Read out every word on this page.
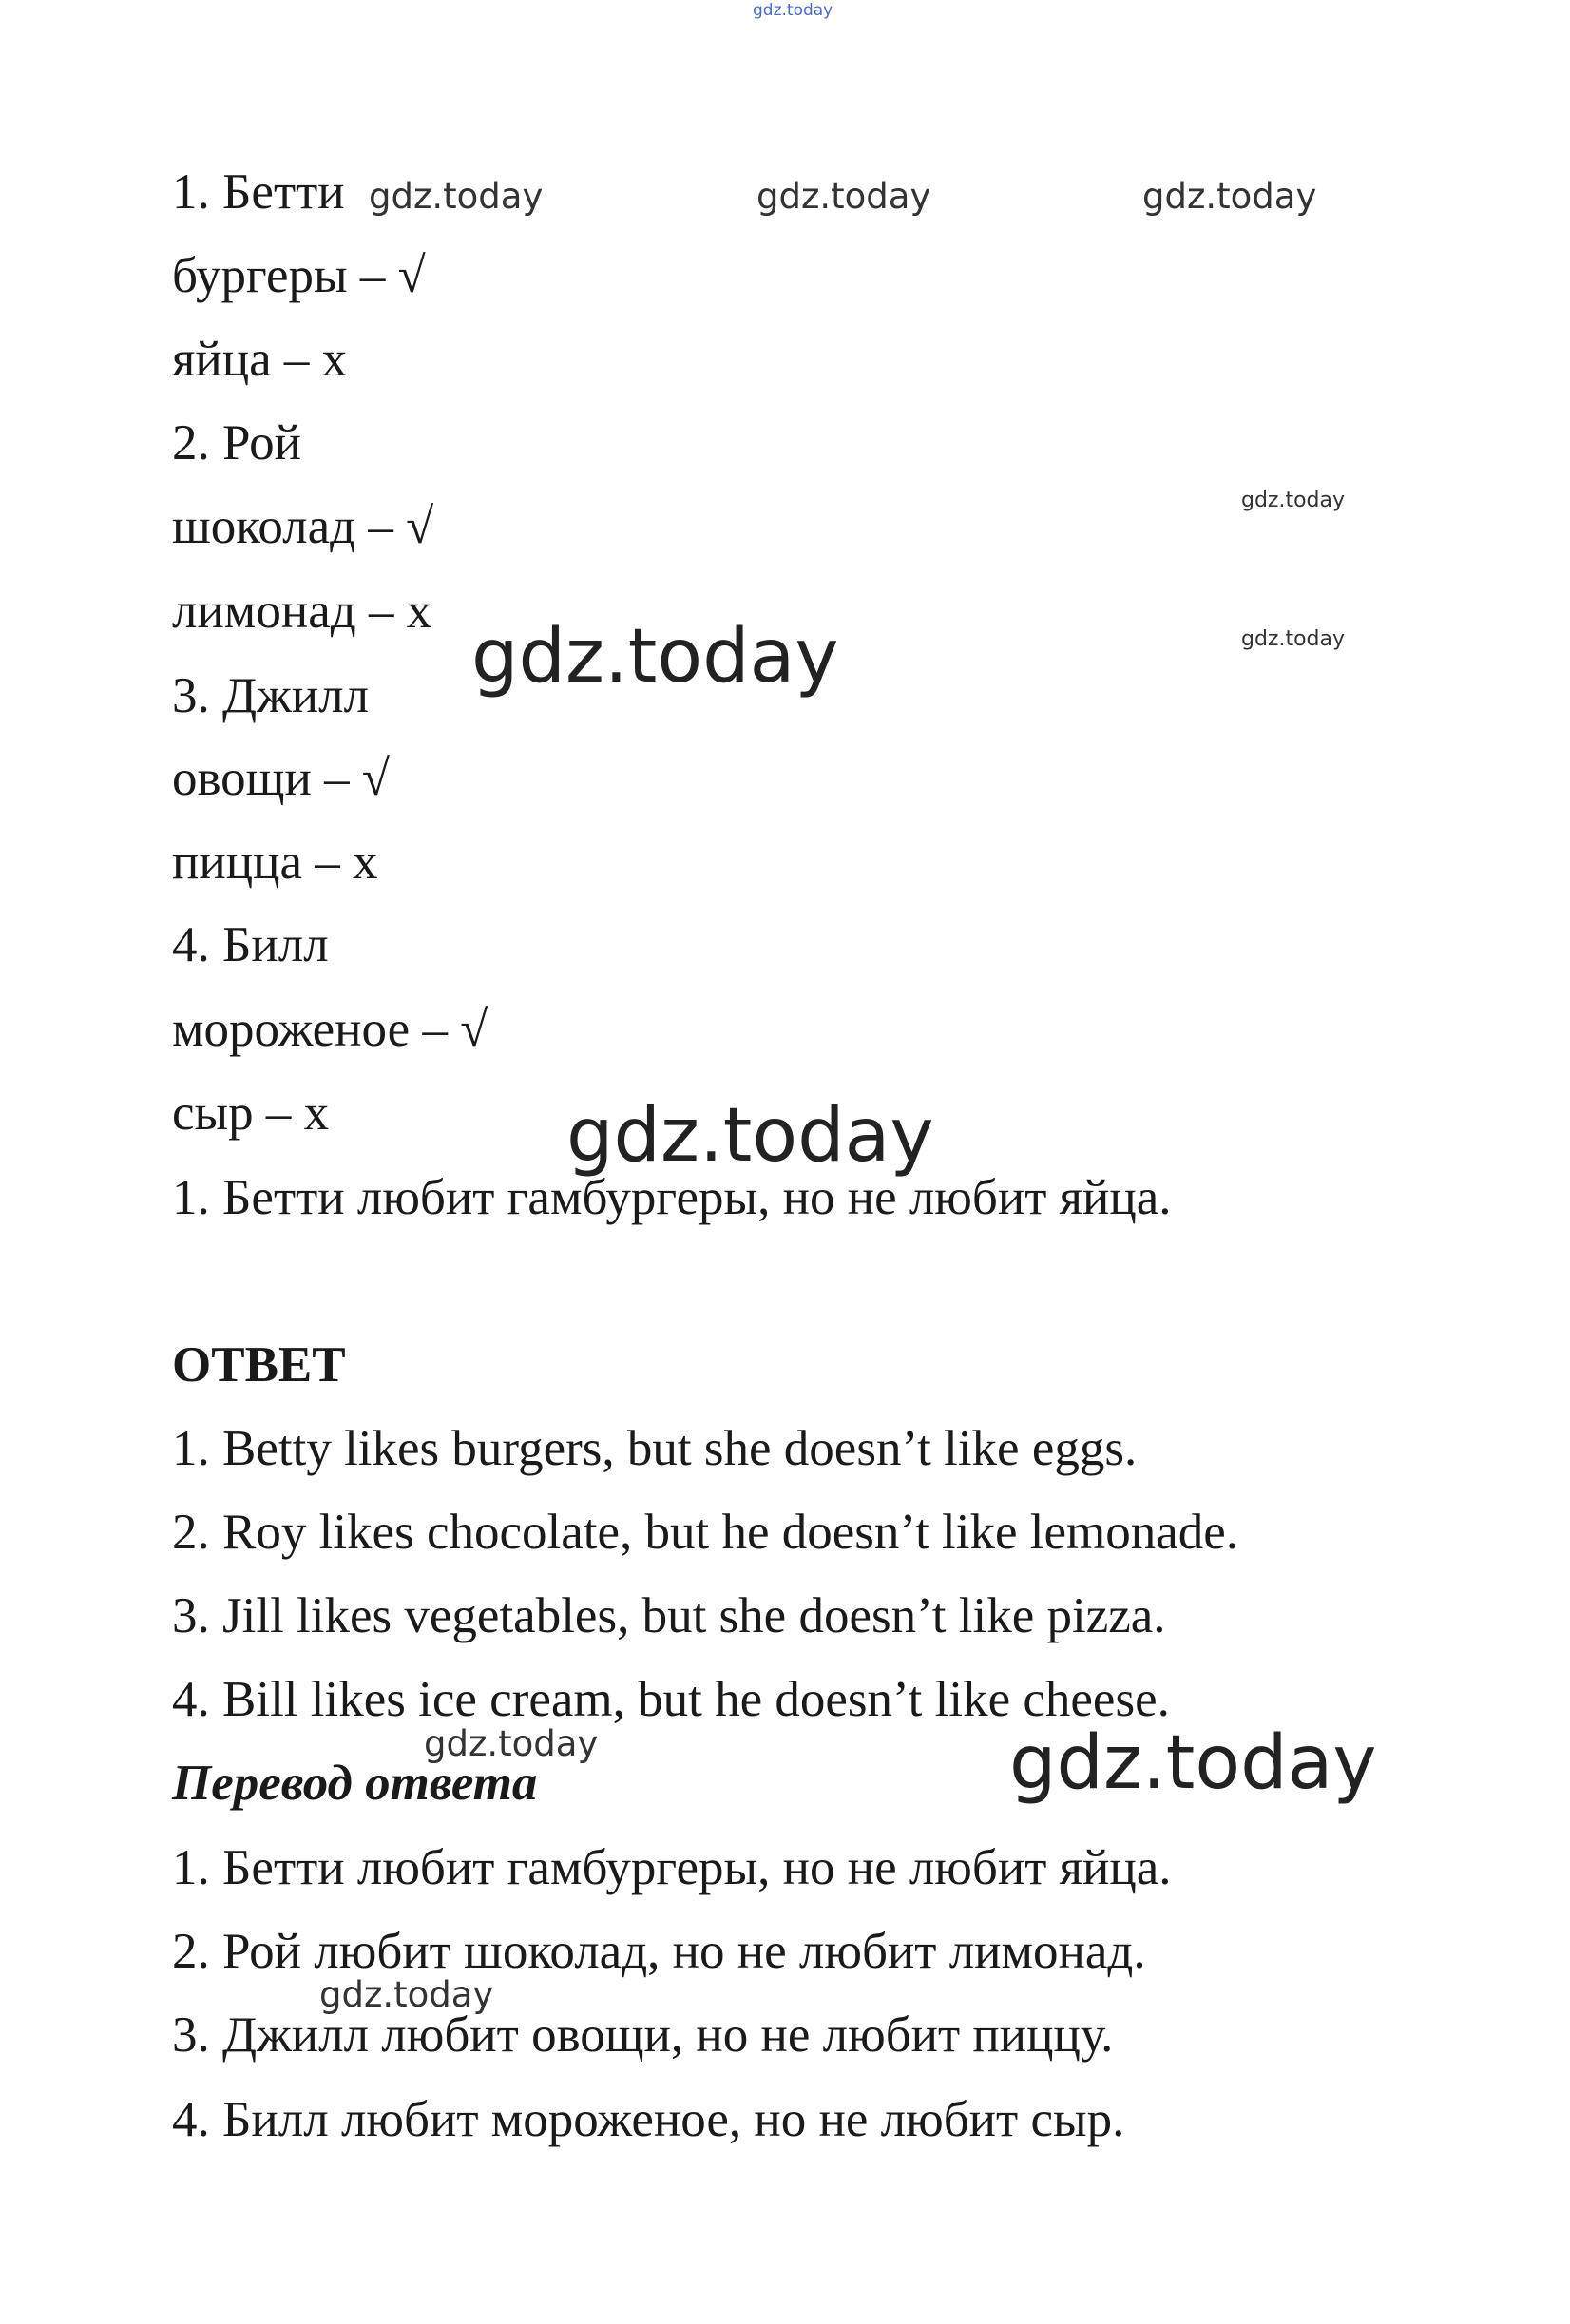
gdz.today
1. Бетти
бургеры – √
яйца – x
2. Рой
шоколад – √
лимонад – x
3. Джилл
овощи – √
пицца – x
4. Билл
мороженое – √
сыр – x
1. Бетти любит гамбургеры, но не любит яйца.
ОТВЕТ
1. Betty likes burgers, but she doesn’t like eggs.
2. Roy likes chocolate, but he doesn’t like lemonade.
3. Jill likes vegetables, but she doesn’t like pizza.
4. Bill likes ice cream, but he doesn’t like cheese.
Перевод ответа
1. Бетти любит гамбургеры, но не любит яйца.
2. Рой любит шоколад, но не любит лимонад.
3. Джилл любит овощи, но не любит пиццу.
4. Билл любит мороженое, но не любит сыр.
gdz.today	gdz.today	gdz.today
gdz.today
gdz.today
gdz.today
gdz.today
gdz.today	gdz.today
gdz.today
